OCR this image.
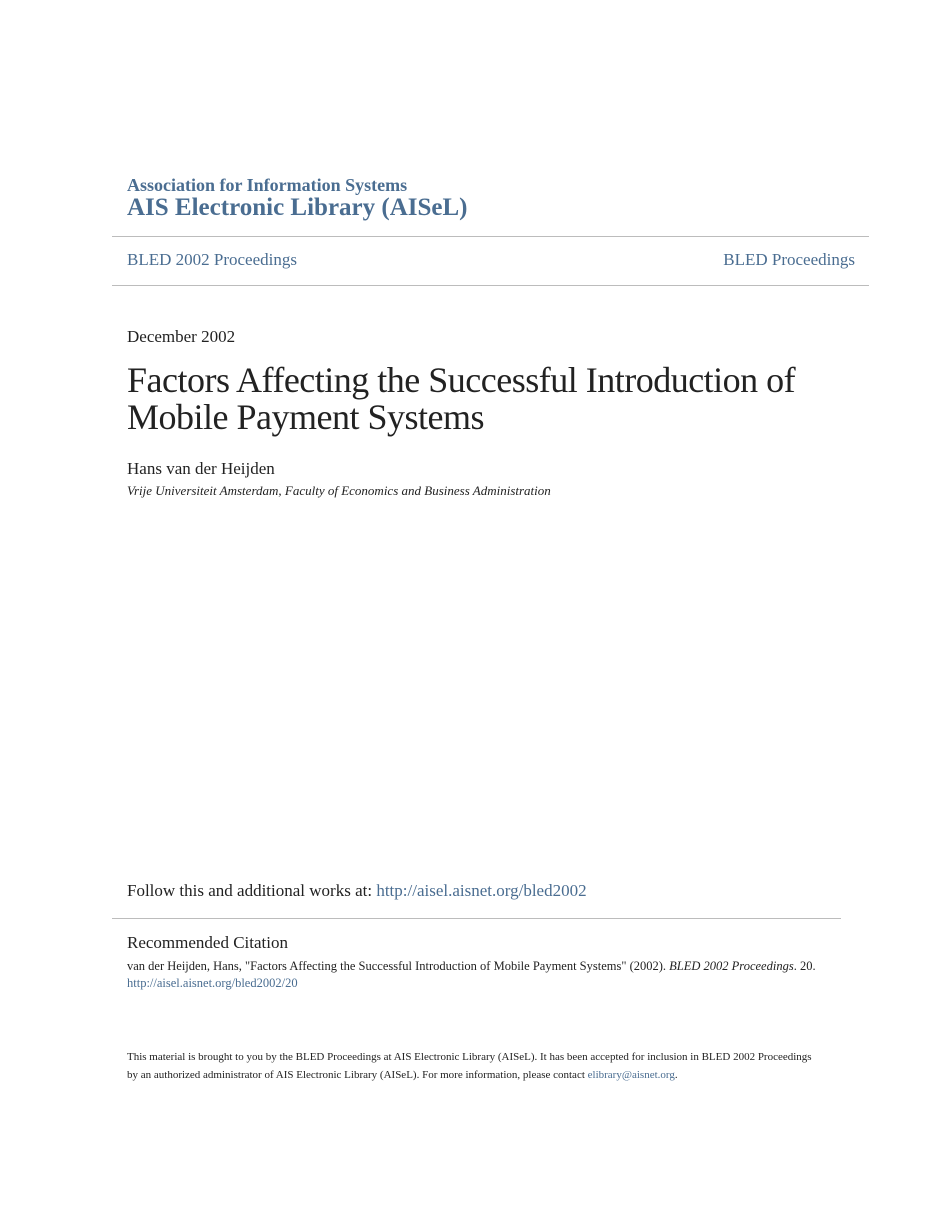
Association for Information Systems
AIS Electronic Library (AISeL)
BLED 2002 Proceedings	BLED Proceedings
December 2002
Factors Affecting the Successful Introduction of Mobile Payment Systems
Hans van der Heijden
Vrije Universiteit Amsterdam, Faculty of Economics and Business Administration
Follow this and additional works at: http://aisel.aisnet.org/bled2002
Recommended Citation
van der Heijden, Hans, "Factors Affecting the Successful Introduction of Mobile Payment Systems" (2002). BLED 2002 Proceedings. 20.
http://aisel.aisnet.org/bled2002/20
This material is brought to you by the BLED Proceedings at AIS Electronic Library (AISeL). It has been accepted for inclusion in BLED 2002 Proceedings by an authorized administrator of AIS Electronic Library (AISeL). For more information, please contact elibrary@aisnet.org.
